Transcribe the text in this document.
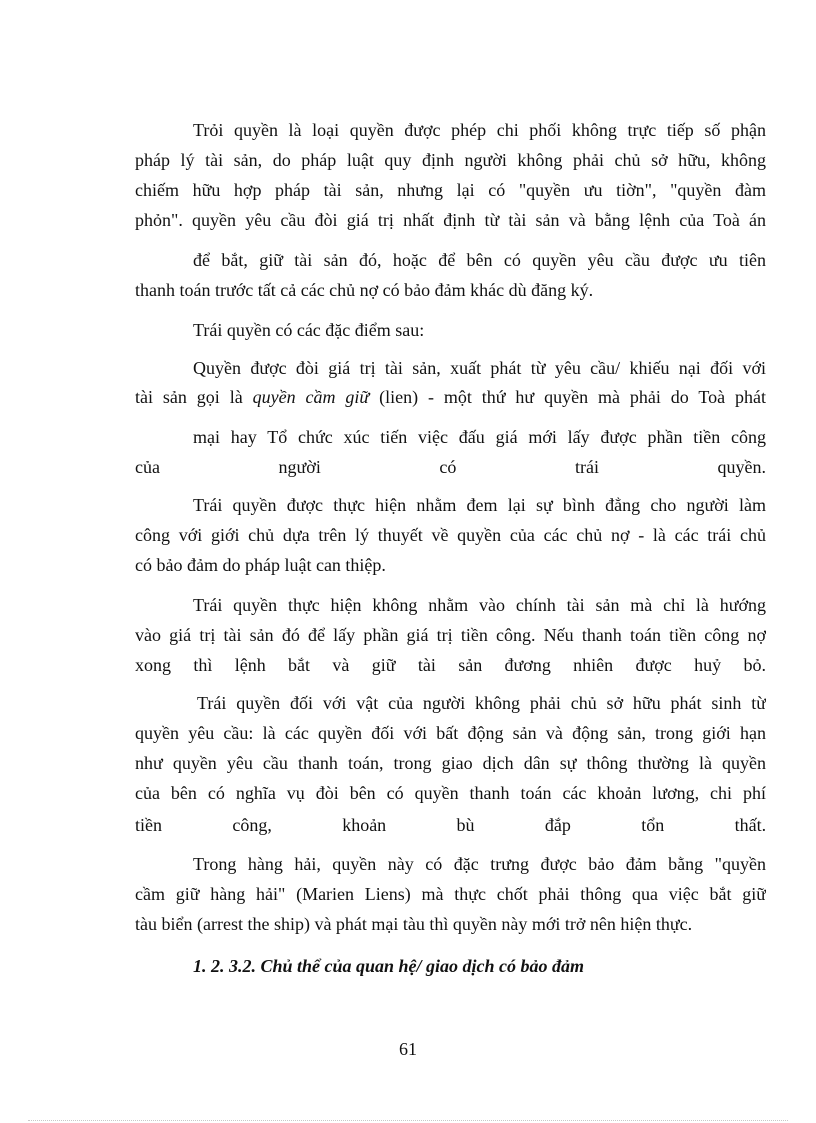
Trỏi quyền là loại quyền được phép chi phối không trực tiếp số phận
pháp lý tài sản, do pháp luật quy định người không phải chủ sở hữu, không
chiếm hữu hợp pháp tài sản, nhưng lại có "quyền ưu tiờn", "quyền đàm
phỏn". quyền yêu cầu đòi giá trị nhất định từ tài sản và bằng lệnh của Toà án
để bắt, giữ tài sản đó, hoặc để bên có quyền yêu cầu được ưu tiên
thanh toán trước tất cả các chủ nợ có bảo đảm khác dù đăng ký.
Trái quyền có các đặc điểm sau:
Quyền được đòi giá trị tài sản, xuất phát từ yêu cầu/ khiếu nại đối với
tài sản gọi là quyền cầm giữ (lien) - một thứ hư quyền mà phải do Toà phát
mại hay Tổ chức xúc tiến việc đấu giá mới lấy được phần tiền công
của	người	có	trái	quyền.
Trái quyền được thực hiện nhằm đem lại sự bình đẳng cho người làm
công với giới chủ dựa trên lý thuyết về quyền của các chủ nợ - là các trái chủ
có bảo đảm do pháp luật can thiệp.
Trái quyền thực hiện không nhằm vào chính tài sản mà chỉ là hướng
vào giá trị tài sản đó để lấy phần giá trị tiền công. Nếu thanh toán tiền công nợ
xong thì lệnh bắt và giữ tài sản đương nhiên được huỷ bỏ.
Trái quyền đối với vật của người không phải chủ sở hữu phát sinh từ
quyền yêu cầu: là các quyền đối với bất động sản và động sản, trong giới hạn
như quyền yêu cầu thanh toán, trong giao dịch dân sự thông thường là quyền
của bên có nghĩa vụ đòi bên có quyền thanh toán các khoản lương, chi phí
tiền	công,	khoản	bù	đắp	tổn	thất.
Trong hàng hải, quyền này có đặc trưng được bảo đảm bằng "quyền
cầm giữ hàng hải" (Marien Liens) mà thực chốt phải thông qua việc bắt giữ
tàu biển (arrest the ship) và phát mại tàu thì quyền này mới trở nên hiện thực.
1. 2. 3.2. Chủ thể của quan hệ/ giao dịch có bảo đảm
61
